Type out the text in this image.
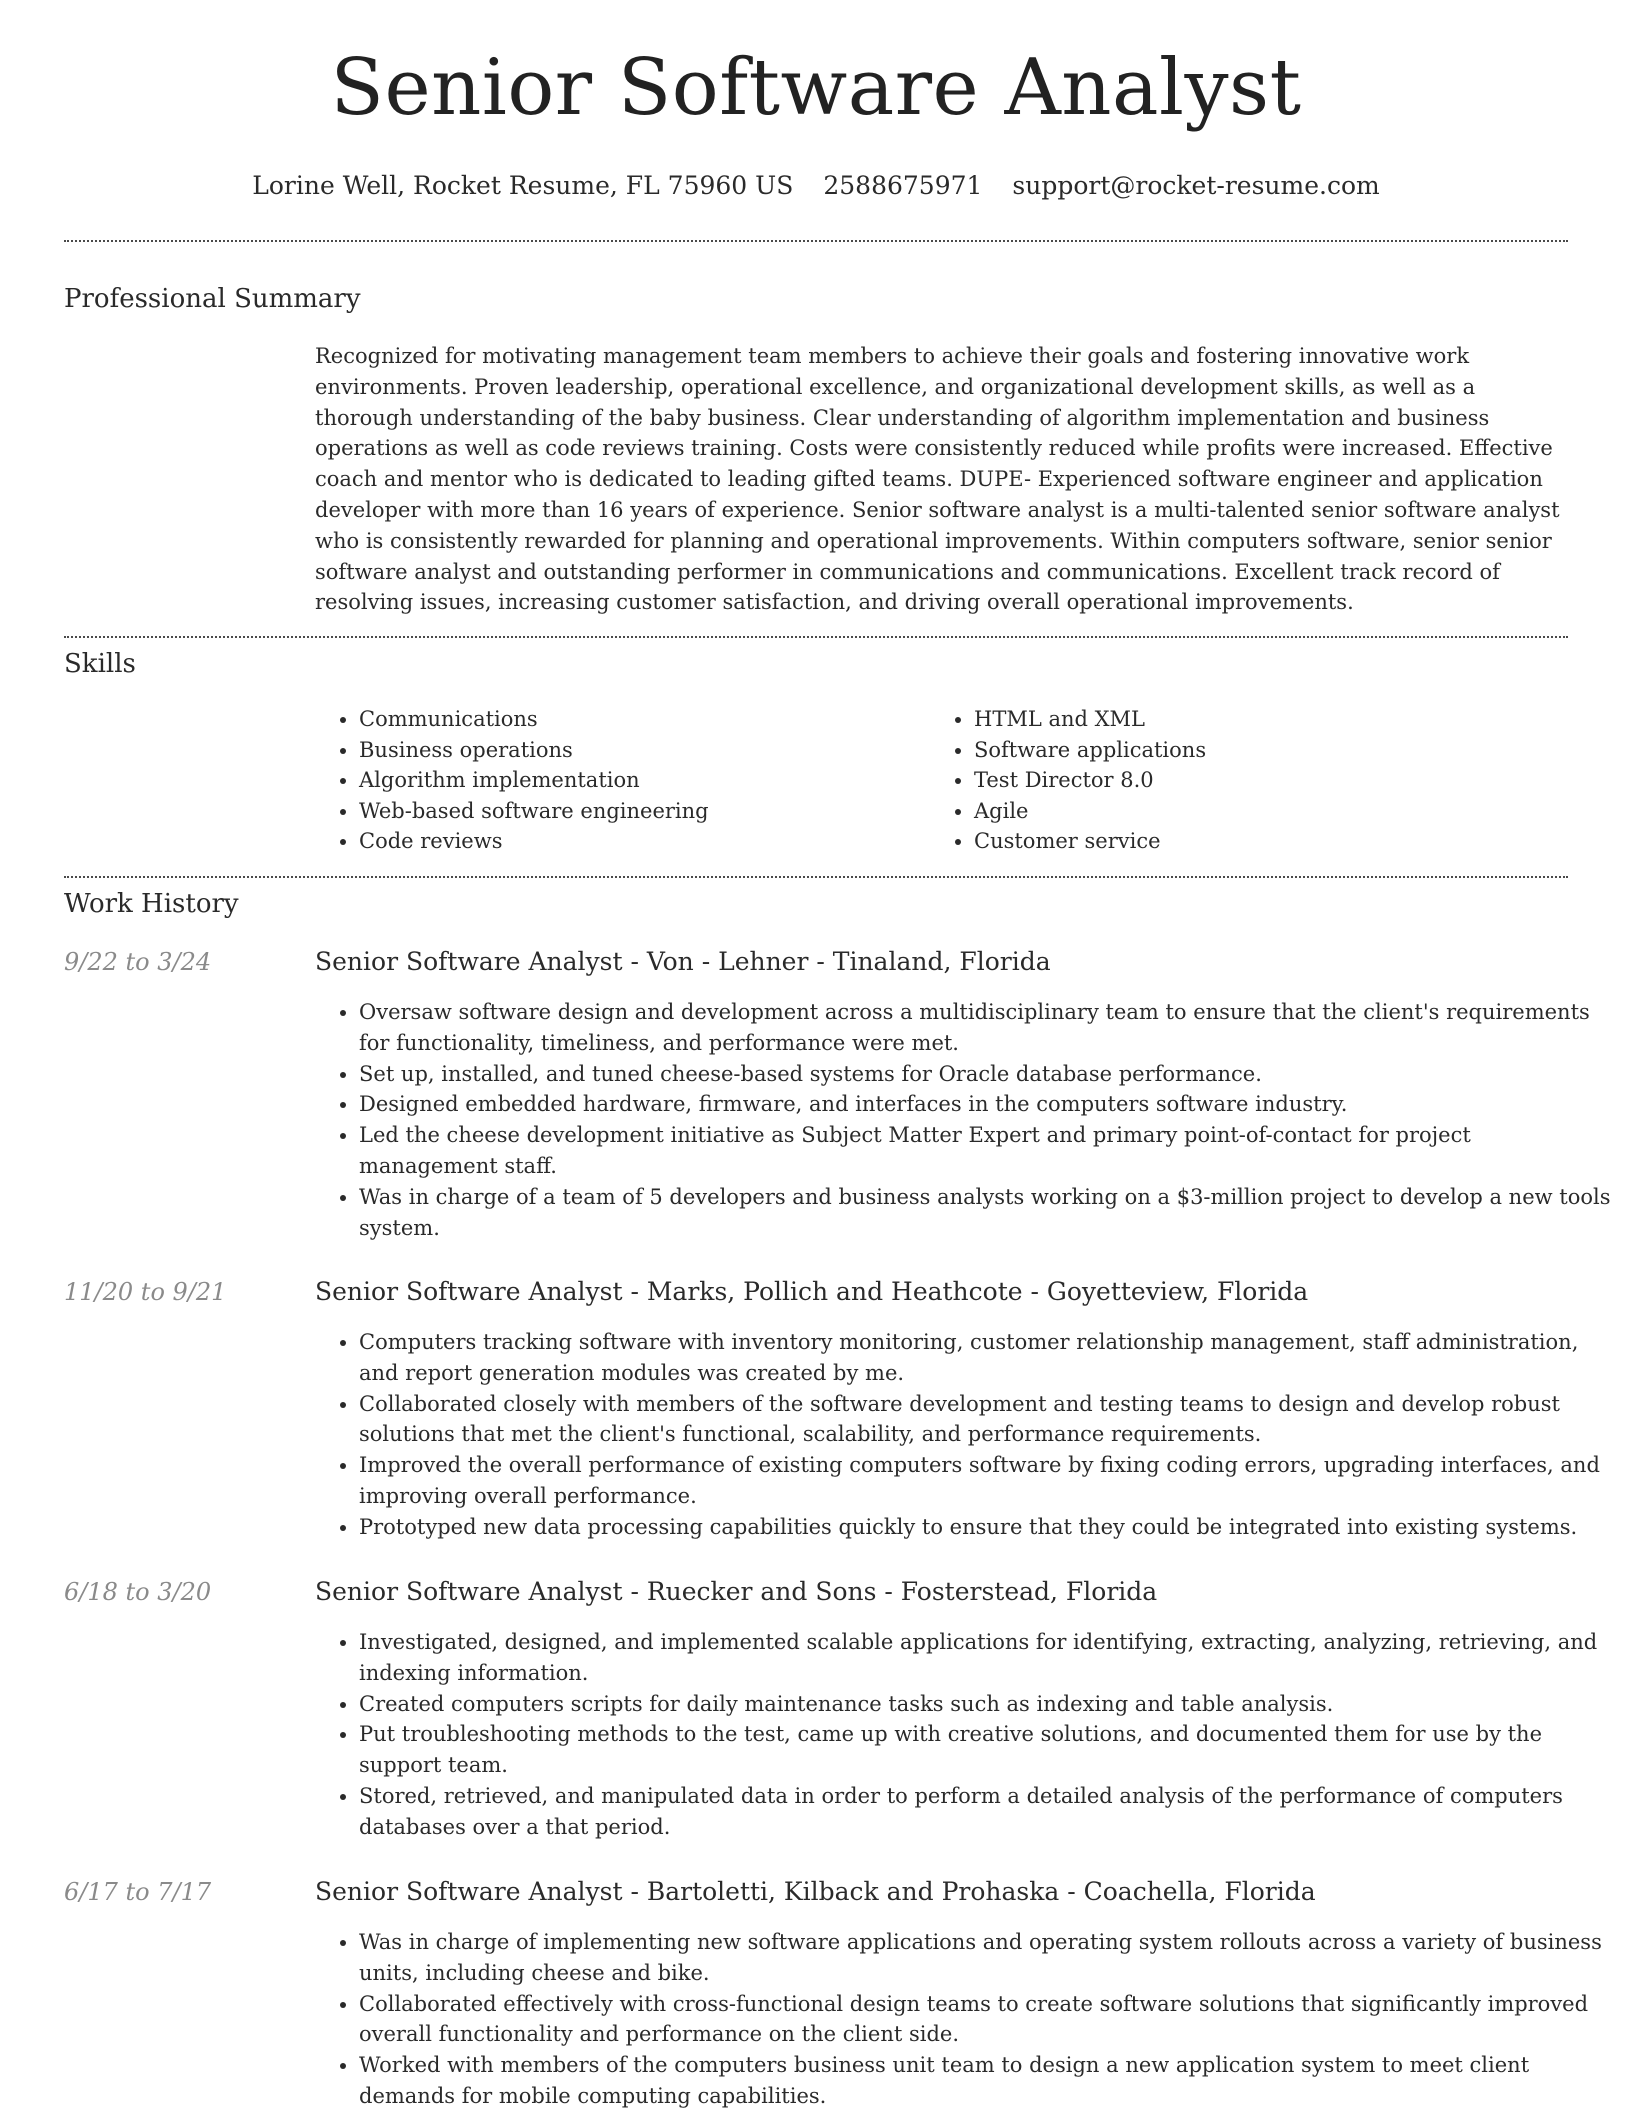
Senior Software Analyst
Lorine Well, Rocket Resume, FL 75960 US 2588675971 support@rocket-resume.com
Professional Summary

Recognized for motivating management team members to achieve their goals and fostering innovative work environments. Proven leadership, operational excellence, and organizational development skills, as well as a thorough understanding of the baby business. Clear understanding of algorithm implementation and business operations as well as code reviews training. Costs were consistently reduced while profits were increased. Effective coach and mentor who is dedicated to leading gifted teams. DUPE- Experienced software engineer and application developer with more than 16 years of experience. Senior software analyst is a multi-talented senior software analyst who is consistently rewarded for planning and operational improvements. Within computers software, senior senior software analyst and outstanding performer in communications and communications. Excellent track record of resolving issues, increasing customer satisfaction, and driving overall operational improvements.

Skills
• Communications
• Business operations
• Algorithm implementation
• Web-based software engineering
• Code reviews
• HTML and XML
• Software applications
• Test Director 8.0
• Agile
• Customer service
Work History
9/22 to 3/24	Senior Software Analyst - Von - Lehner - Tinaland, Florida
• Oversaw software design and development across a multidisciplinary team to ensure that the client's requirements for functionality, timeliness, and performance were met.
• Set up, installed, and tuned cheese-based systems for Oracle database performance.
• Designed embedded hardware, firmware, and interfaces in the computers software industry.
• Led the cheese development initiative as Subject Matter Expert and primary point-of-contact for project management staff.
• Was in charge of a team of 5 developers and business analysts working on a $3-million project to develop a new tools system.
11/20 to 9/21	Senior Software Analyst - Marks, Pollich and Heathcote - Goyetteview, Florida
• Computers tracking software with inventory monitoring, customer relationship management, staff administration, and report generation modules was created by me.
• Collaborated closely with members of the software development and testing teams to design and develop robust solutions that met the client's functional, scalability, and performance requirements.
• Improved the overall performance of existing computers software by fixing coding errors, upgrading interfaces, and improving overall performance.
• Prototyped new data processing capabilities quickly to ensure that they could be integrated into existing systems.
6/18 to 3/20	Senior Software Analyst - Ruecker and Sons - Fosterstead, Florida
• Investigated, designed, and implemented scalable applications for identifying, extracting, analyzing, retrieving, and indexing information.
• Created computers scripts for daily maintenance tasks such as indexing and table analysis.
• Put troubleshooting methods to the test, came up with creative solutions, and documented them for use by the support team.
• Stored, retrieved, and manipulated data in order to perform a detailed analysis of the performance of computers databases over a that period.
6/17 to 7/17	Senior Software Analyst - Bartoletti, Kilback and Prohaska - Coachella, Florida
• Was in charge of implementing new software applications and operating system rollouts across a variety of business units, including cheese and bike.
• Collaborated effectively with cross-functional design teams to create software solutions that significantly improved overall functionality and performance on the client side.
• Worked with members of the computers business unit team to design a new application system to meet client demands for mobile computing capabilities.
